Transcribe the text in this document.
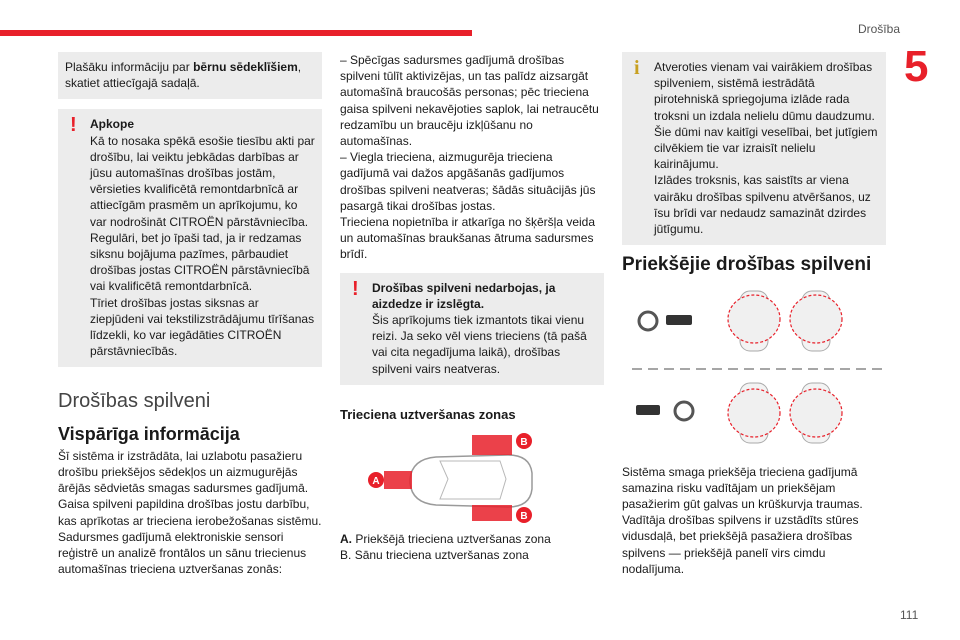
Drošība
5
111

Plašāku informāciju par bērnu sēdeklīšiem, skatiet attiecīgajā sadaļā.

! Apkope

Kā to nosaka spēkā esošie tiesību akti par drošību, lai veiktu jebkādas darbības ar jūsu automašīnas drošības jostām, vērsieties kvalificētā remontdarbnīcā ar attiecīgām prasmēm un aprīkojumu, ko var nodrošināt CITROËN pārstāvniecība.

Regulāri, bet jo īpaši tad, ja ir redzamas siksnu bojājuma pazīmes, pārbaudiet drošības jostas CITROËN pārstāvniecībā vai kvalificētā remontdarbnīcā.

Tīriet drošības jostas siksnas ar ziepjūdeni vai tekstilizstrādājumu tīrīšanas līdzekli, ko var iegādāties CITROËN pārstāvniecībās.

Drošības spilveni
Vispārīga informācija

Šī sistēma ir izstrādāta, lai uzlabotu pasažieru drošību priekšējos sēdekļos un aizmugurējās ārējās sēdvietās smagas sadursmes gadījumā. Gaisa spilveni papildina drošības jostu darbību, kas aprīkotas ar trieciena ierobežošanas sistēmu.

Sadursmes gadījumā elektroniskie sensori reģistrē un analizē frontālos un sānu triecienus automašīnas trieciena uztveršanas zonās:

– Spēcīgas sadursmes gadījumā drošības spilveni tūlīt aktivizējas, un tas palīdz aizsargāt automašīnā braucošās personas; pēc trieciena gaisa spilveni nekavējoties saplok, lai netraucētu redzamību un braucēju izkļūšanu no automašīnas.

– Viegla trieciena, aizmugurēja trieciena gadījumā vai dažos apgāšanās gadījumos drošības spilveni neatveras; šādās situācijās jūs pasargā tikai drošības jostas.

Trieciena nopietnība ir atkarīga no šķēršļa veida un automašīnas braukšanas ātruma sadursmes brīdī.

! Drošības spilveni nedarbojas, ja aizdedze ir izslēgta.

Šis aprīkojums tiek izmantots tikai vienu reizi. Ja seko vēl viens trieciens (tā pašā vai cita negadījuma laikā), drošības spilveni vairs neatveras.

Trieciena uztveršanas zonas
A
B
B

A. Priekšējā trieciena uztveršanas zona

B. Sānu trieciena uztveršanas zona

i Atveroties vienam vai vairākiem drošības spilveniem, sistēmā iestrādātā pirotehniskā spriegojuma izlāde rada troksni un izdala nelielu dūmu daudzumu.

Šie dūmi nav kaitīgi veselībai, bet jutīgiem cilvēkiem tie var izraisīt nelielu kairinājumu.

Izlādes troksnis, kas saistīts ar viena vairāku drošības spilvenu atvēršanos, uz īsu brīdi var nedaudz samazināt dzirdes jūtīgumu.

Priekšējie drošības spilveni

Sistēma smaga priekšēja trieciena gadījumā samazina risku vadītājam un priekšējam pasažierim gūt galvas un krūškurvja traumas. Vadītāja drošības spilvens ir uzstādīts stūres vidusdaļā, bet priekšējā pasažiera drošības spilvens — priekšējā panelī virs cimdu nodalījuma.
